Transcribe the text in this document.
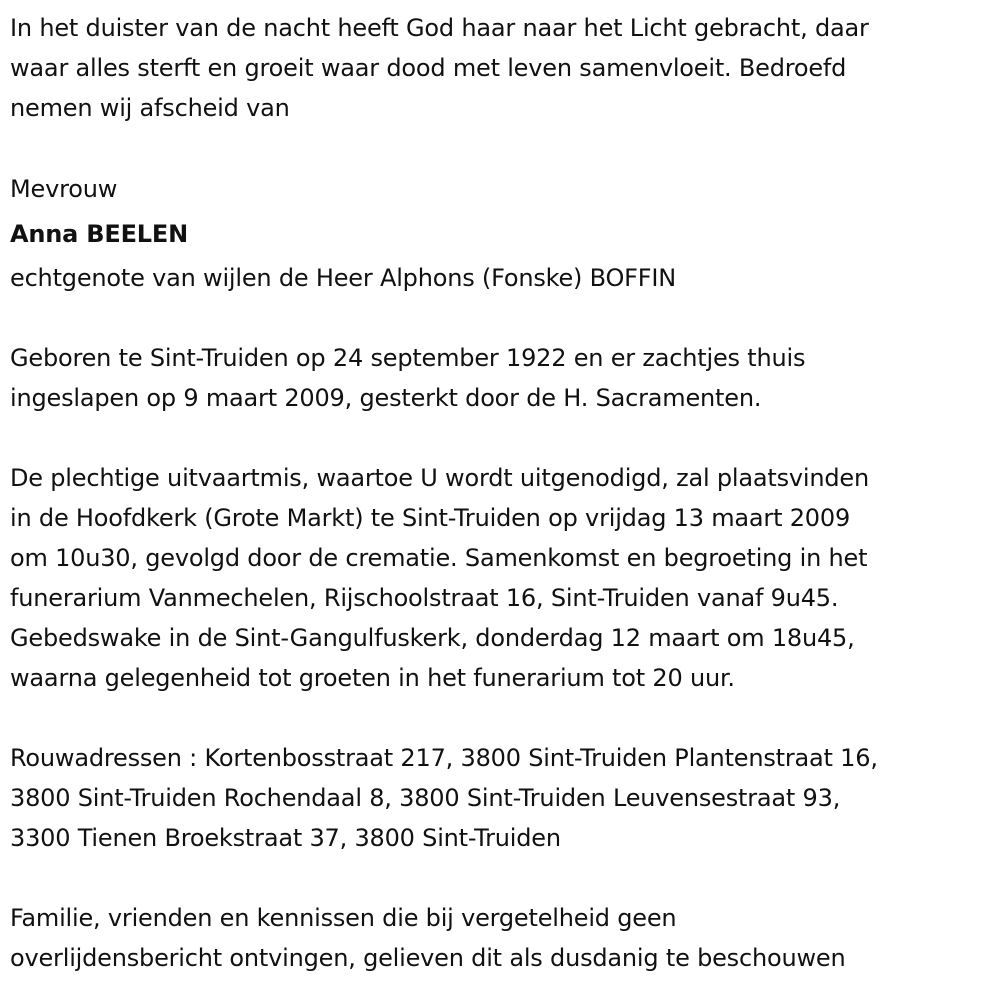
In het duister van de nacht heeft God haar naar het Licht gebracht, daar
waar alles sterft en groeit waar dood met leven samenvloeit. Bedroefd
nemen wij afscheid van
Mevrouw
Anna BEELEN
echtgenote van wijlen de Heer Alphons (Fonske) BOFFIN
Geboren te Sint-Truiden op 24 september 1922 en er zachtjes thuis
ingeslapen op 9 maart 2009, gesterkt door de H. Sacramenten.
De plechtige uitvaartmis, waartoe U wordt uitgenodigd, zal plaatsvinden
in de Hoofdkerk (Grote Markt) te Sint-Truiden op vrijdag 13 maart 2009
om 10u30, gevolgd door de crematie. Samenkomst en begroeting in het
funerarium Vanmechelen, Rijschoolstraat 16, Sint-Truiden vanaf 9u45.
Gebedswake in de Sint-Gangulfuskerk, donderdag 12 maart om 18u45,
waarna gelegenheid tot groeten in het funerarium tot 20 uur.
Rouwadressen : Kortenbosstraat 217, 3800 Sint-Truiden Plantenstraat 16,
3800 Sint-Truiden Rochendaal 8, 3800 Sint-Truiden Leuvensestraat 93,
3300 Tienen Broekstraat 37, 3800 Sint-Truiden
Familie, vrienden en kennissen die bij vergetelheid geen
overlijdensbericht ontvingen, gelieven dit als dusdanig te beschouwen
